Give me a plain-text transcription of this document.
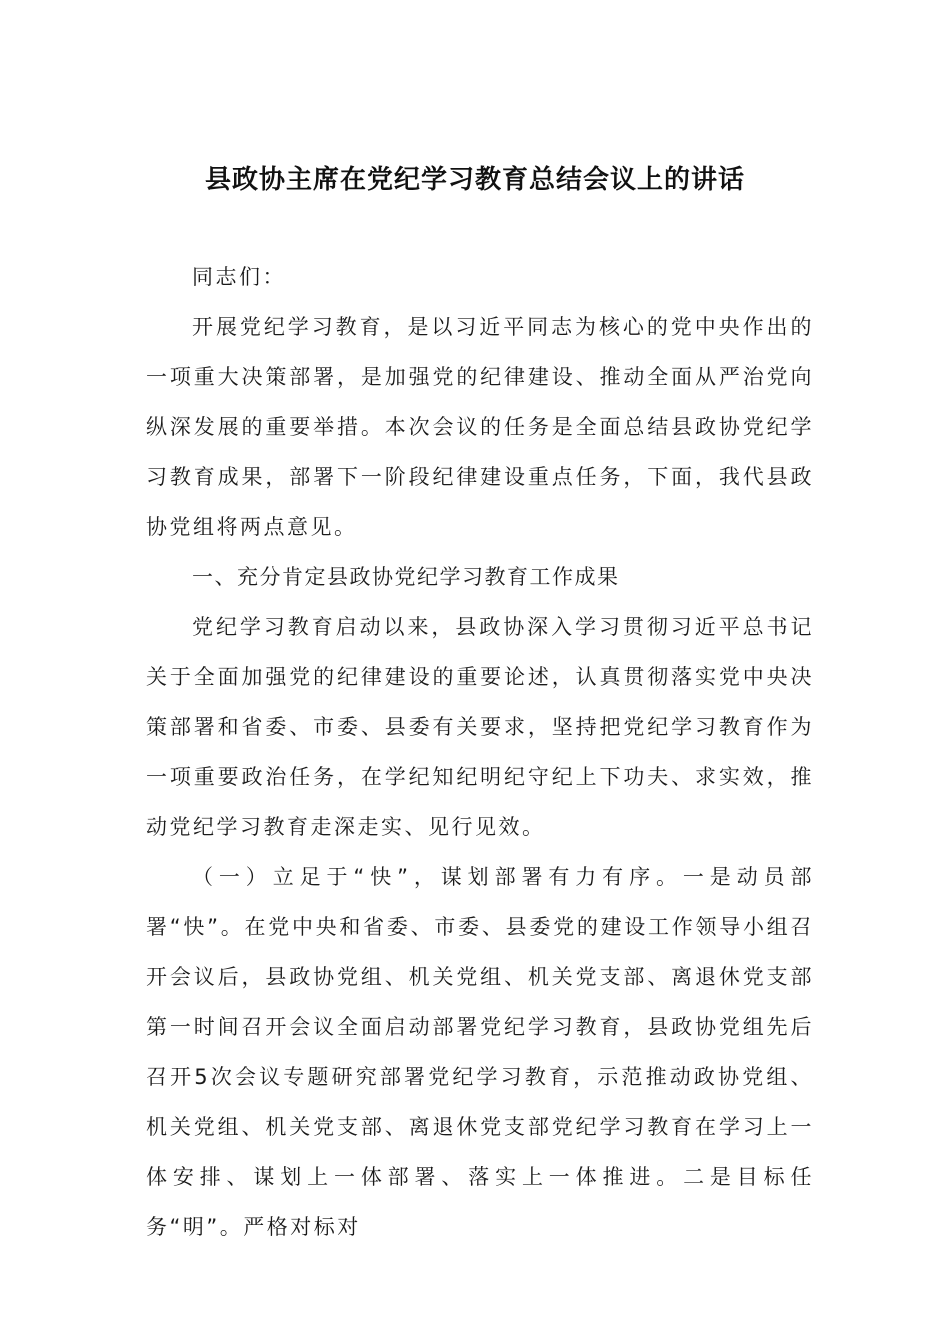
县政协主席在党纪学习教育总结会议上的讲话

同志们：

开展党纪学习教育，是以习近平同志为核心的党中央作出的一项重大决策部署，是加强党的纪律建设、推动全面从严治党向纵深发展的重要举措。本次会议的任务是全面总结县政协党纪学习教育成果，部署下一阶段纪律建设重点任务，下面，我代县政协党组将两点意见。

一、充分肯定县政协党纪学习教育工作成果

党纪学习教育启动以来，县政协深入学习贯彻习近平总书记关于全面加强党的纪律建设的重要论述，认真贯彻落实党中央决策部署和省委、市委、县委有关要求，坚持把党纪学习教育作为一项重要政治任务，在学纪知纪明纪守纪上下功夫、求实效，推动党纪学习教育走深走实、见行见效。

（一）立足于“快”，谋划部署有力有序。一是动员部署“快”。在党中央和省委、市委、县委党的建设工作领导小组召开会议后，县政协党组、机关党组、机关党支部、离退休党支部第一时间召开会议全面启动部署党纪学习教育，县政协党组先后召开5次会议专题研究部署党纪学习教育，示范推动政协党组、机关党组、机关党支部、离退休党支部党纪学习教育在学习上一体安排、谋划上一体部署、落实上一体推进。二是目标任务“明”。严格对标对
